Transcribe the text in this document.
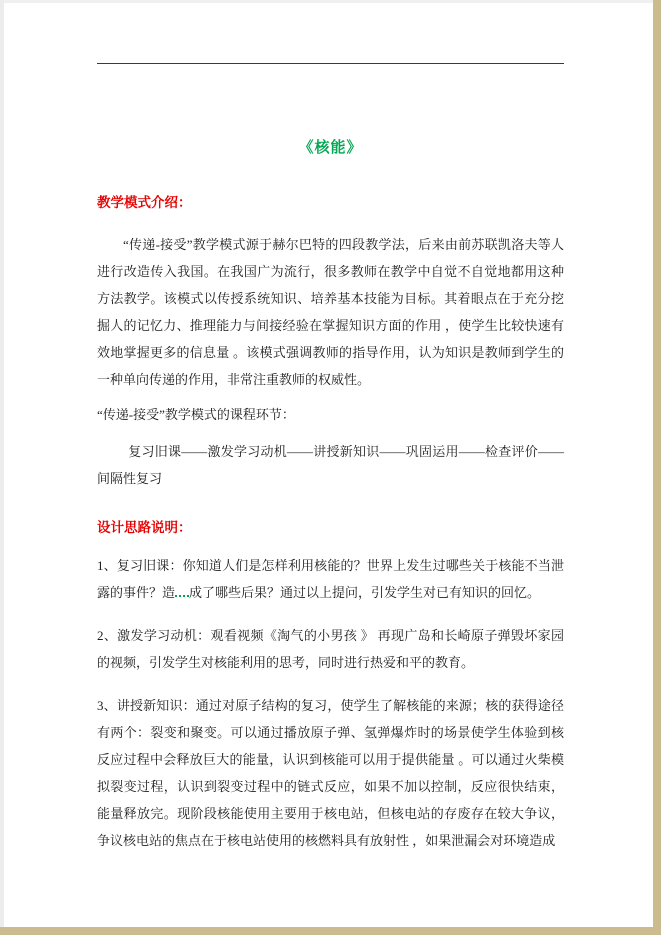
《核能》
教学模式介绍：

“传递-接受”教学模式源于赫尔巴特的四段教学法，后来由前苏联凯洛夫等人进行改造传入我国。在我国广为流行，很多教师在教学中自觉不自觉地都用这种方法教学。该模式以传授系统知识、培养基本技能为目标。其着眼点在于充分挖掘人的记忆力、推理能力与间接经验在掌握知识方面的作用 ，使学生比较快速有效地掌握更多的信息量 。该模式强调教师的指导作用，认为知识是教师到学生的一种单向传递的作用，非常注重教师的权威性。

“传递-接受”教学模式的课程环节：

复习旧课――激发学习动机――讲授新知识――巩固运用――检查评价――间隔性复习

设计思路说明：

1、复习旧课：你知道人们是怎样利用核能的？世界上发生过哪些关于核能不当泄露的事件？造 成了哪些后果？通过以上提问，引发学生对已有知识的回忆。

2、激发学习动机：观看视频《淘气的小男孩 》 再现广岛和长崎原子弹毁坏家园的视频，引发学生对核能利用的思考，同时进行热爱和平的教育。

3、讲授新知识：通过对原子结构的复习，使学生了解核能的来源；核的获得途径有两个：裂变和聚变。可以通过播放原子弹、氢弹爆炸时的场景使学生体验到核反应过程中会释放巨大的能量，认识到核能可以用于提供能量 。可以通过火柴模拟裂变过程，认识到裂变过程中的链式反应，如果不加以控制，反应很快结束，能量释放完。现阶段核能使用主要用于核电站，但核电站的存废存在较大争议，争议核电站的焦点在于核电站使用的核燃料具有放射性 ，如果泄漏会对环境造成
